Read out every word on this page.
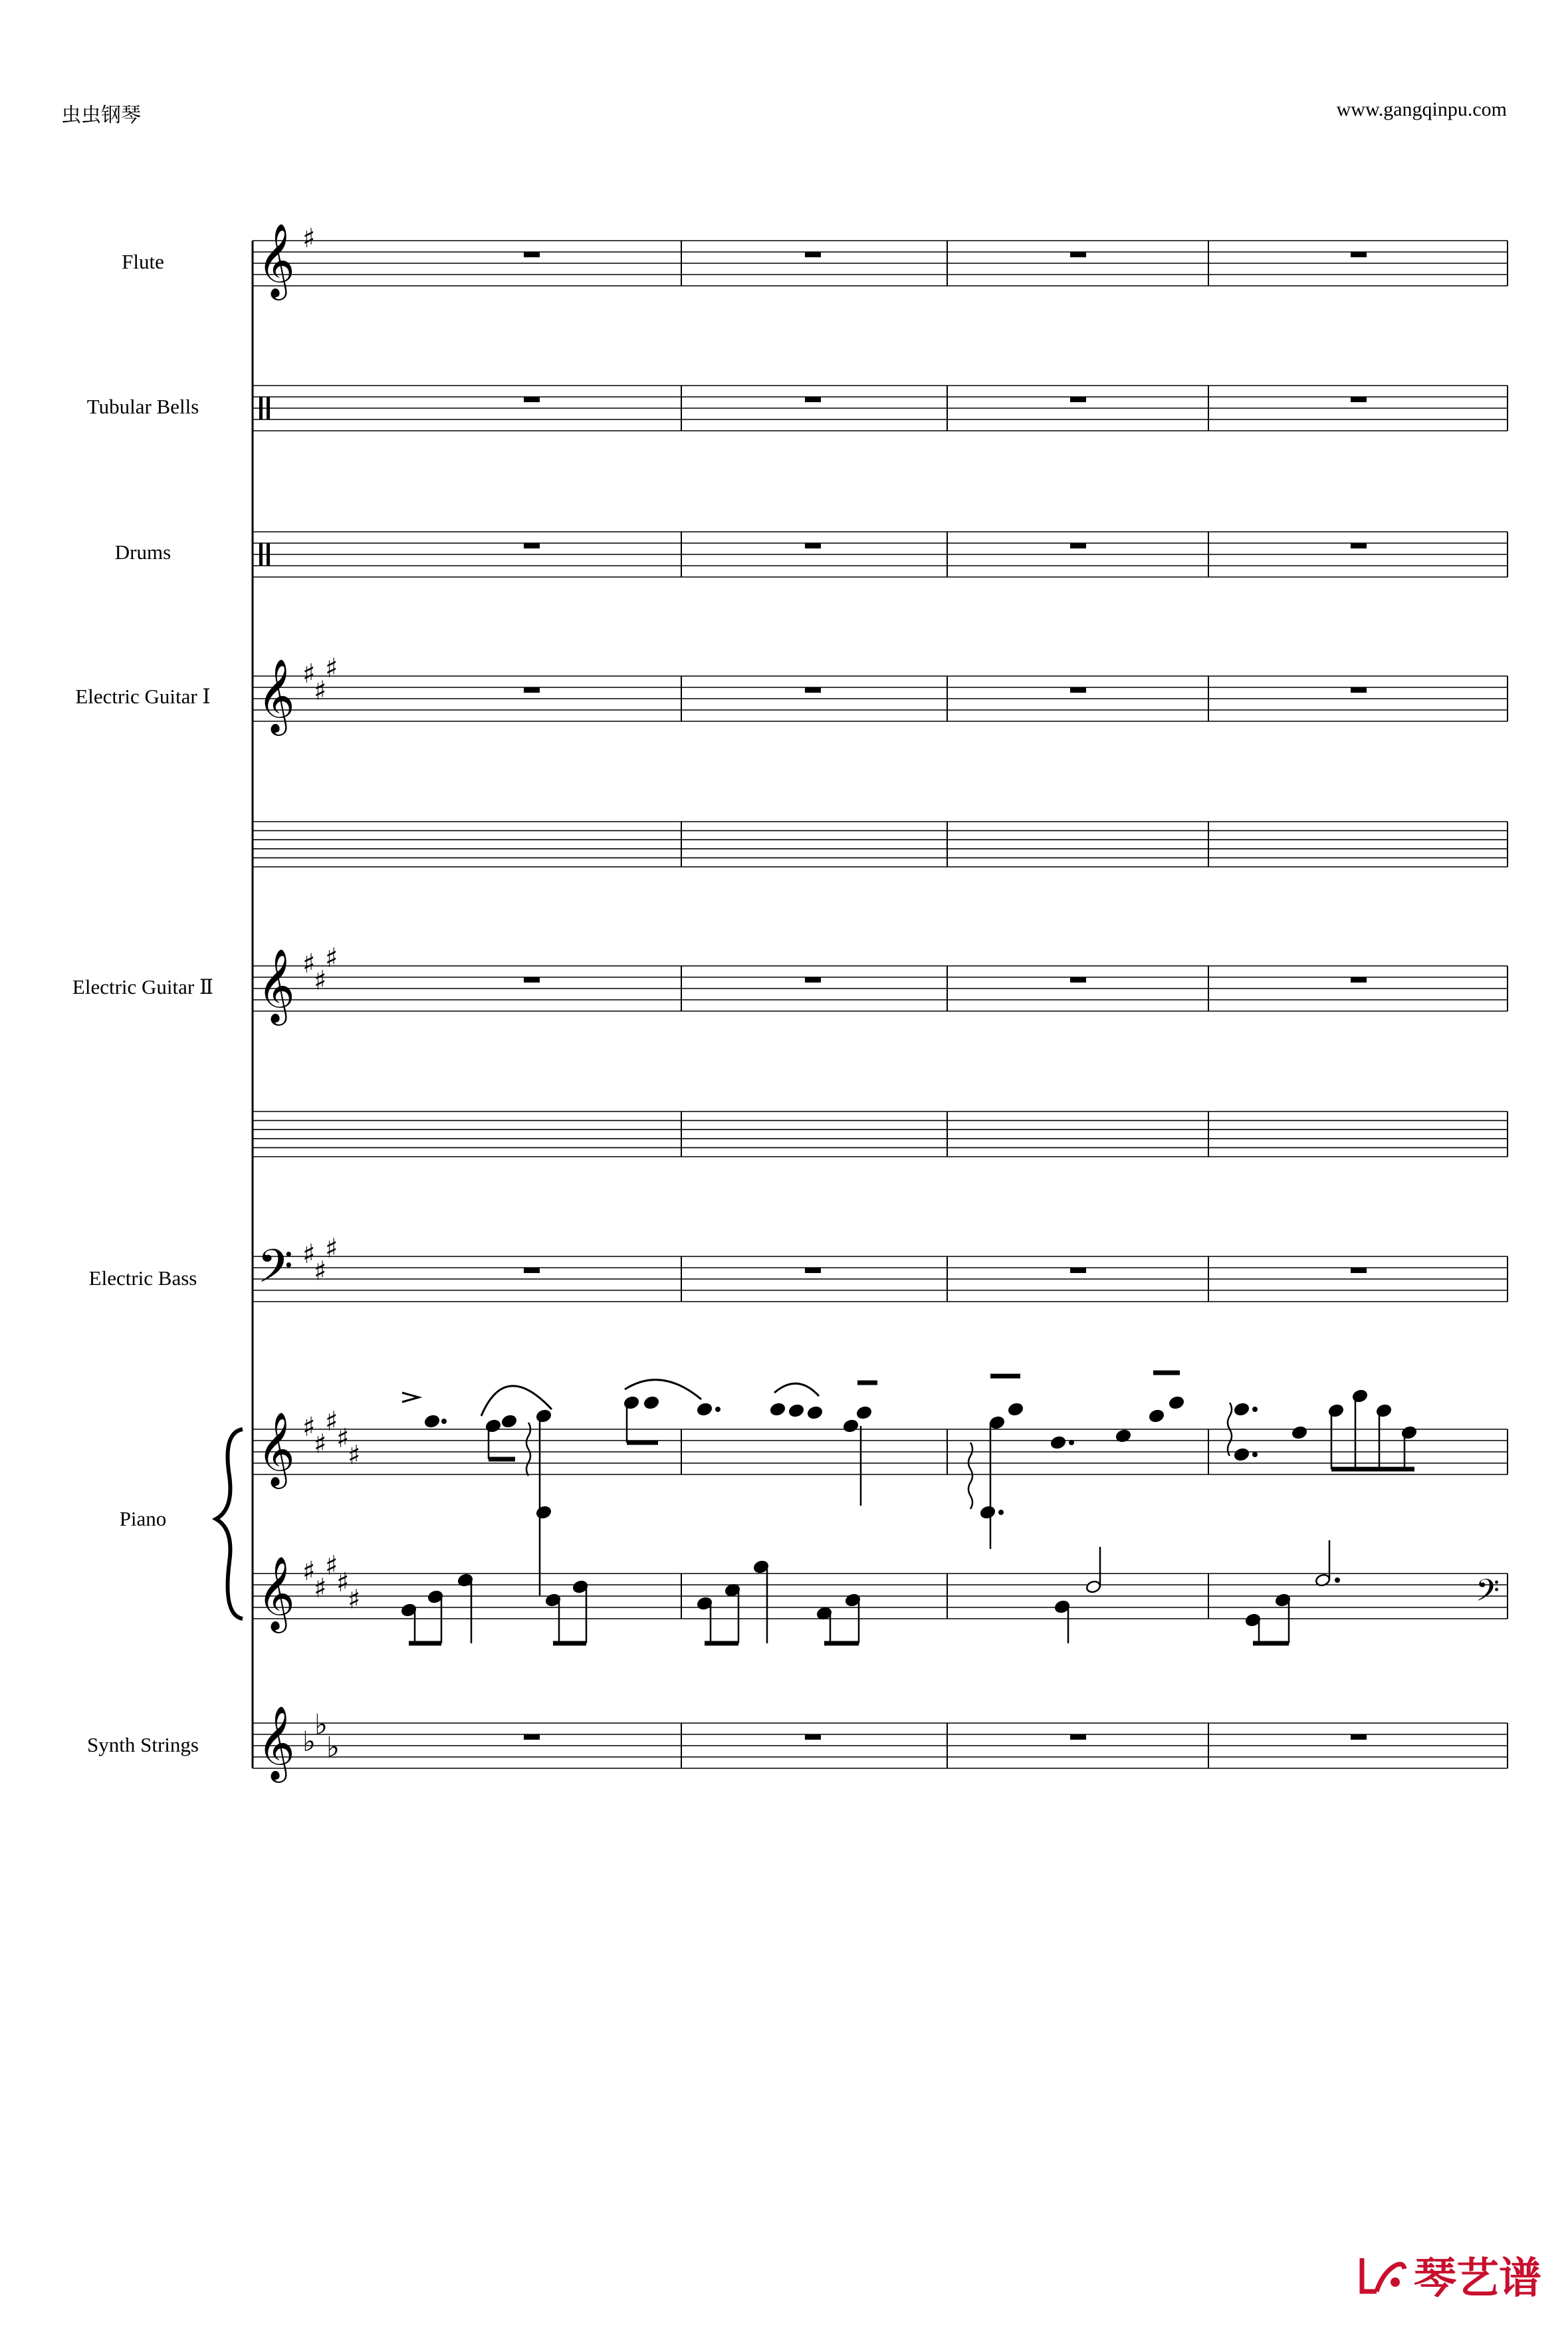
虫虫钢琴	www.gangqinpu.com
Flute
Tubular Bells
Drums
Electric Guitar Ⅰ
Electric Guitar Ⅱ
Electric Bass
Piano
Synth Strings
𝄞 ♯
𝄞 ♯
♯
♯
𝄞 ♯
♯
♯
𝄢 ♯
♯
♯
𝄞 ♯
♯
♯
♯
♯
𝄞 ♯
♯
♯
♯
♯
𝄞 ♭
♭
♭
𝄢
琴艺谱
